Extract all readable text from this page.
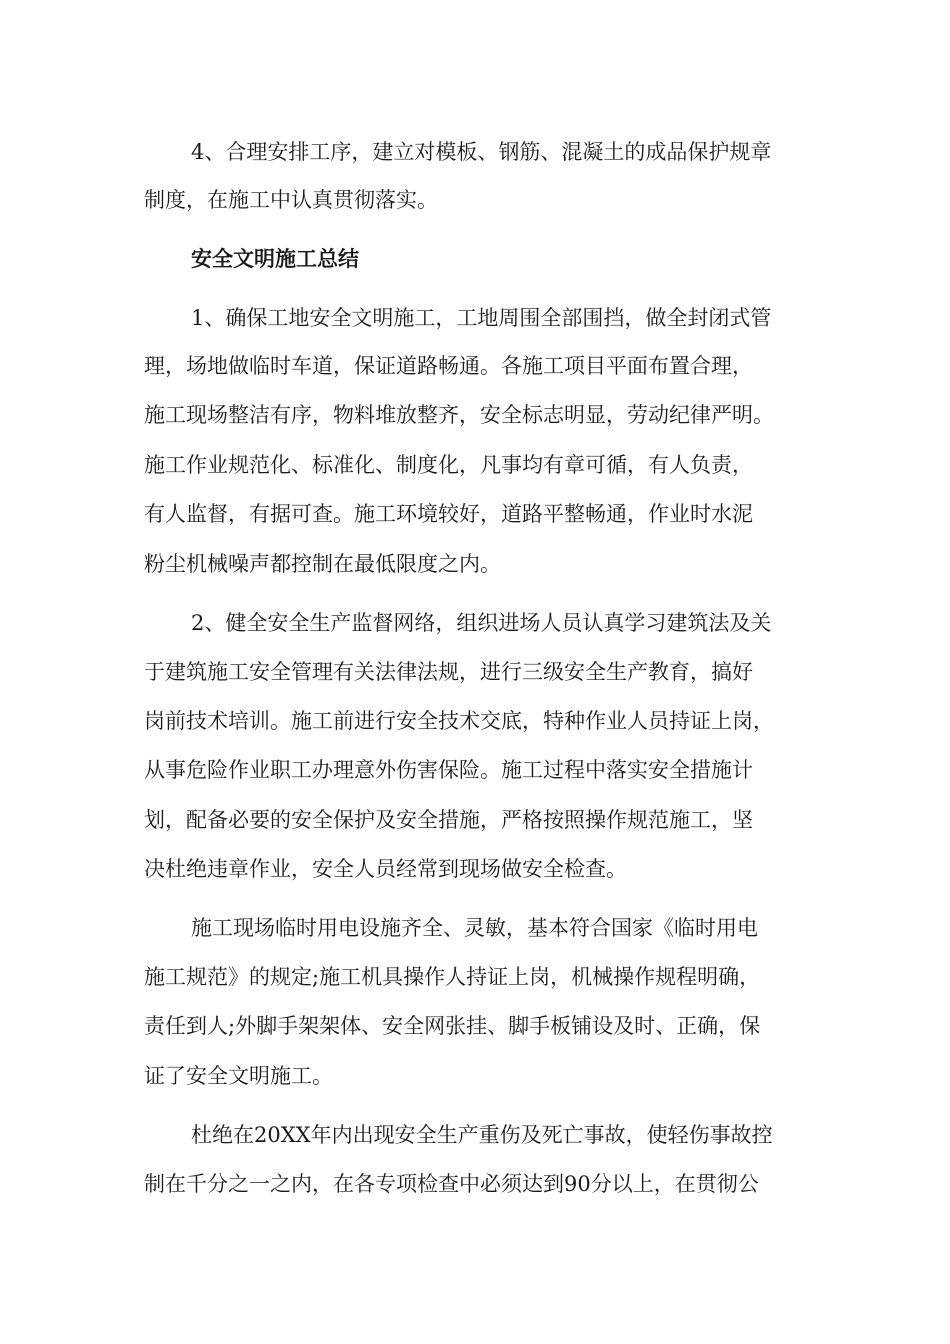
4、合理安排工序，建立对模板、钢筋、混凝土的成品保护规章
制度，在施工中认真贯彻落实。
安全文明施工总结
1、确保工地安全文明施工，工地周围全部围挡，做全封闭式管
理，场地做临时车道，保证道路畅通。各施工项目平面布置合理，
施工现场整洁有序，物料堆放整齐，安全标志明显，劳动纪律严明。
施工作业规范化、标准化、制度化，凡事均有章可循，有人负责，
有人监督，有据可查。施工环境较好，道路平整畅通，作业时水泥
粉尘机械噪声都控制在最低限度之内。
2、健全安全生产监督网络，组织进场人员认真学习建筑法及关
于建筑施工安全管理有关法律法规，进行三级安全生产教育，搞好
岗前技术培训。施工前进行安全技术交底，特种作业人员持证上岗，
从事危险作业职工办理意外伤害保险。施工过程中落实安全措施计
划，配备必要的安全保护及安全措施，严格按照操作规范施工，坚
决杜绝违章作业，安全人员经常到现场做安全检查。
施工现场临时用电设施齐全、灵敏，基本符合国家《临时用电
施工规范》的规定;施工机具操作人持证上岗，机械操作规程明确，
责任到人;外脚手架架体、安全网张挂、脚手板铺设及时、正确，保
证了安全文明施工。
杜绝在20XX年内出现安全生产重伤及死亡事故，使轻伤事故控
制在千分之一之内，在各专项检查中必须达到90分以上，在贯彻公
